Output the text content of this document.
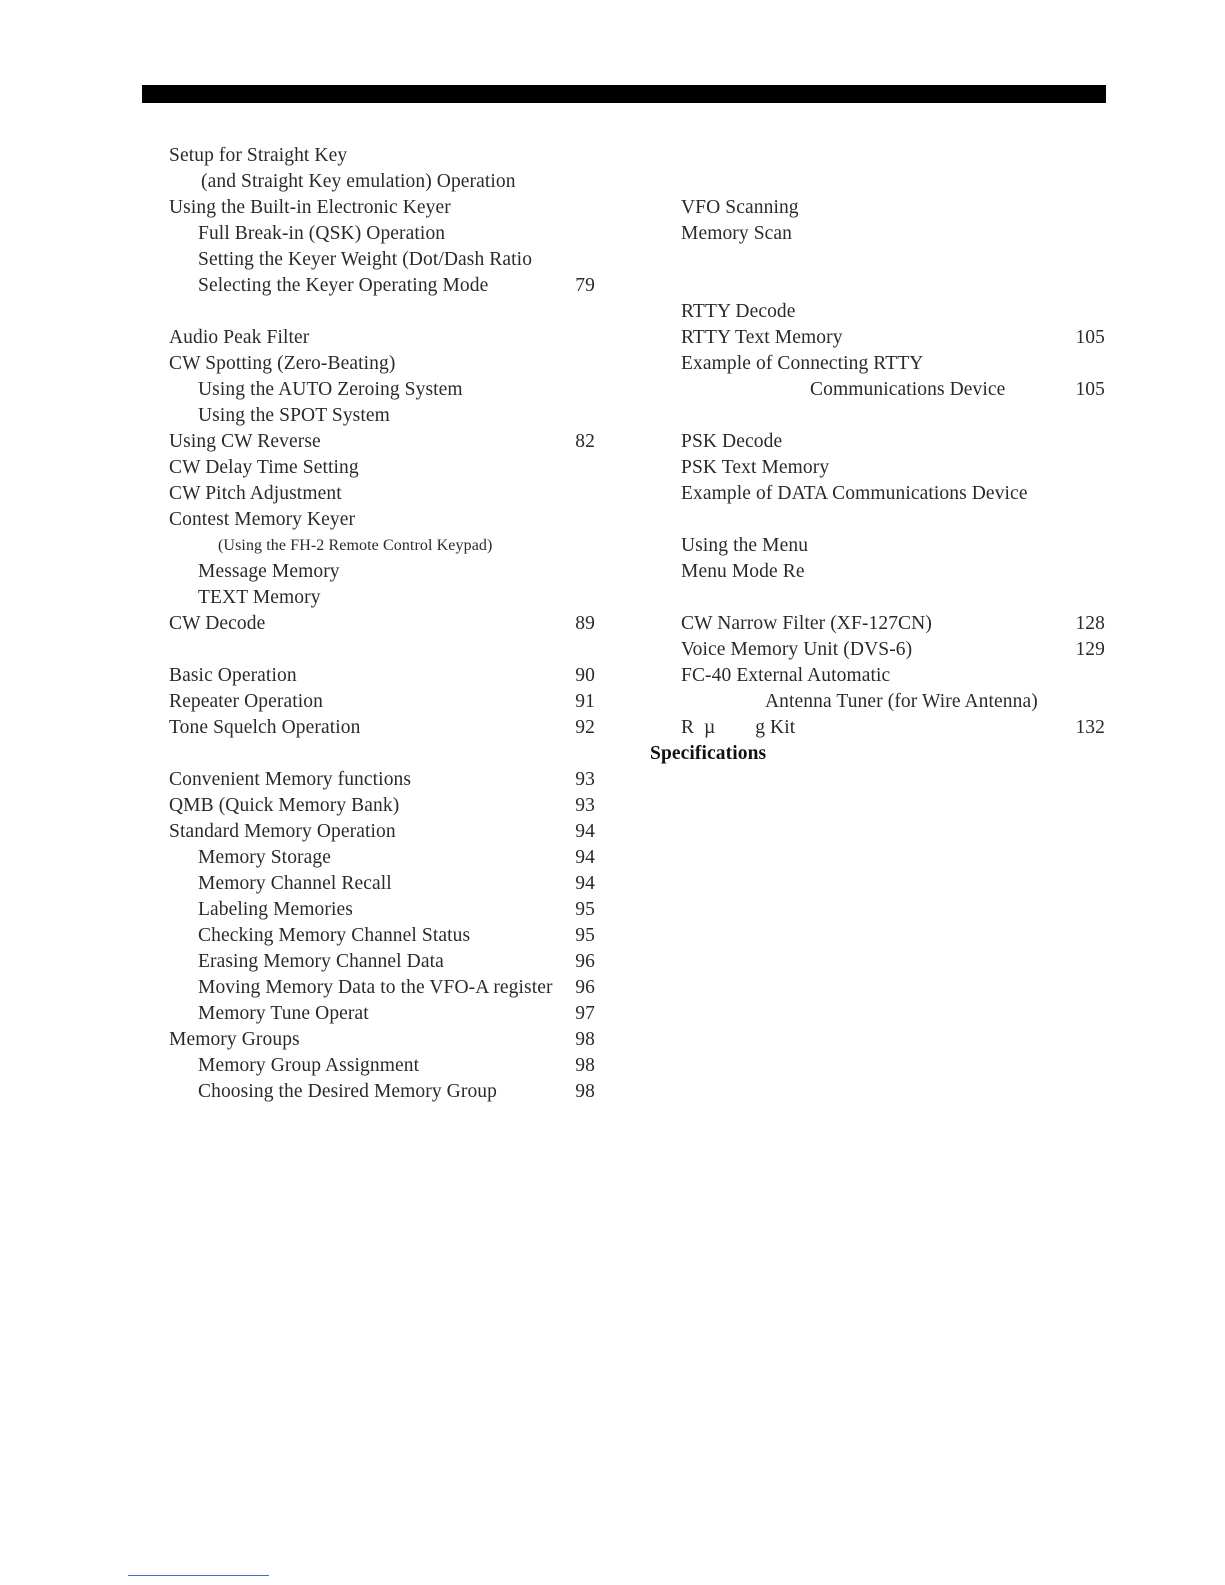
Setup for Straight Key
(and Straight Key emulation) Operation
Using the Built-in Electronic Keyer
Full Break-in (QSK) Operation
Setting the Keyer Weight (Dot/Dash Ratio
Selecting the Keyer Operating Mode	79
Audio Peak Filter
CW Spotting (Zero-Beating)
Using the AUTO Zeroing System
Using the SPOT System
Using CW Reverse	82
CW Delay Time Setting
CW Pitch Adjustment
Contest Memory Keyer
(Using the FH-2 Remote Control Keypad)
Message Memory
TEXT Memory
CW Decode	89
Basic Operation	90
Repeater Operation	91
Tone Squelch Operation	92
Convenient Memory functions	93
QMB (Quick Memory Bank)	93
Standard Memory Operation	94
Memory Storage	94
Memory Channel Recall	94
Labeling Memories	95
Checking Memory Channel Status	95
Erasing Memory Channel Data	96
Moving Memory Data to the VFO-A register	96
Memory Tune Operat	97
Memory Groups	98
Memory Group Assignment	98
Choosing the Desired Memory Group	98
VFO Scanning
Memory Scan
RTTY Decode
RTTY Text Memory	105
Example of Connecting RTTY
Communications Device	105
PSK Decode
PSK Text Memory
Example of DATA Communications Device
Using the Menu
Menu Mode Re
CW Narrow Filter (XF-127CN)	128
Voice Memory Unit (DVS-6)	129
FC-40 External Automatic
Antenna Tuner (for Wire Antenna)
R  µ        g Kit	132
Specifications
